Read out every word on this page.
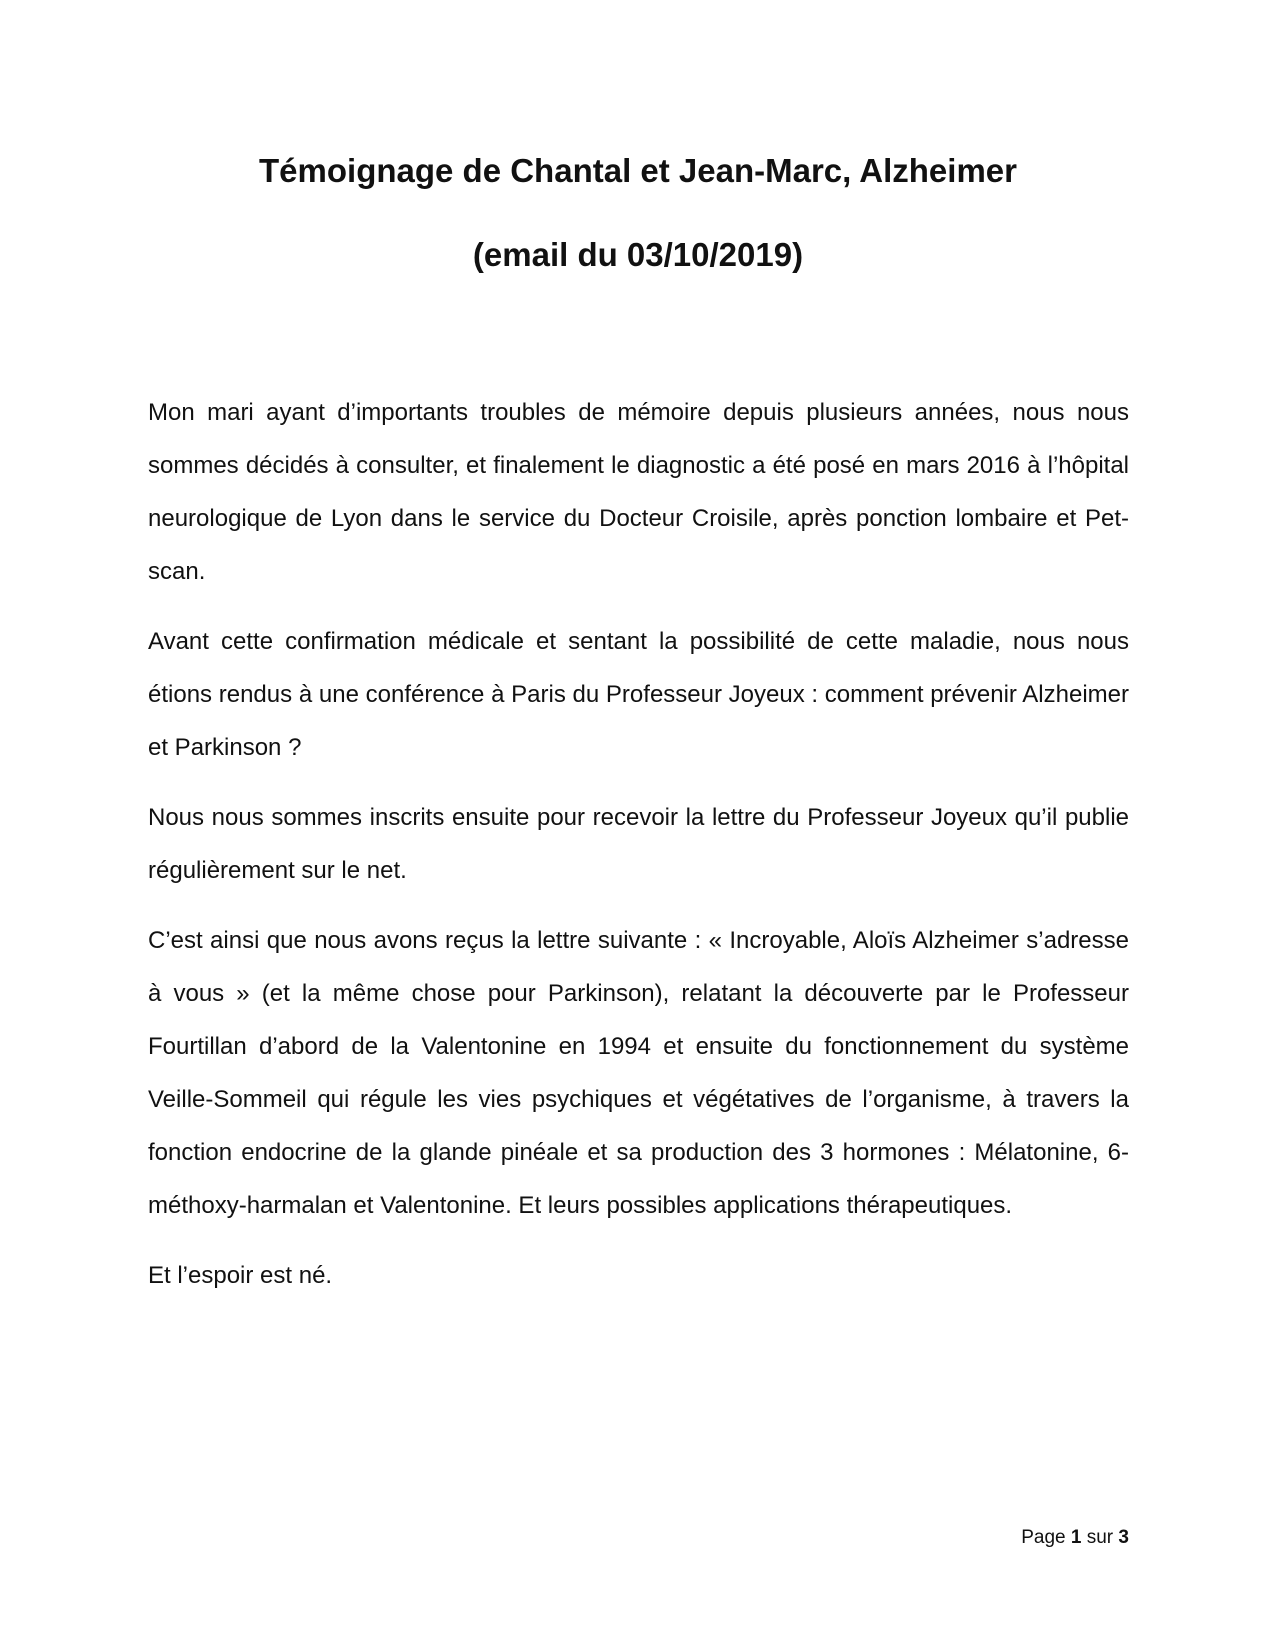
Témoignage de Chantal et Jean-Marc, Alzheimer
(email du 03/10/2019)

Mon mari ayant d’importants troubles de mémoire depuis plusieurs années, nous nous sommes décidés à consulter, et finalement le diagnostic a été posé en mars 2016 à l’hôpital neurologique de Lyon dans le service du Docteur Croisile, après ponction lombaire et Pet-scan.

Avant cette confirmation médicale et sentant la possibilité de cette maladie, nous nous étions rendus à une conférence à Paris du Professeur Joyeux : comment prévenir Alzheimer et Parkinson ?

Nous nous sommes inscrits ensuite pour recevoir la lettre du Professeur Joyeux qu’il publie régulièrement sur le net.

C’est ainsi que nous avons reçus la lettre suivante : « Incroyable, Aloïs Alzheimer s’adresse à vous » (et la même chose pour Parkinson), relatant la découverte par le Professeur Fourtillan d’abord de la Valentonine en 1994 et ensuite du fonctionnement du système Veille-Sommeil qui régule les vies psychiques et végétatives de l’organisme, à travers la fonction endocrine de la glande pinéale et sa production des 3 hormones : Mélatonine, 6-méthoxy-harmalan et Valentonine. Et leurs possibles applications thérapeutiques.

Et l’espoir est né.

Page 1 sur 3
